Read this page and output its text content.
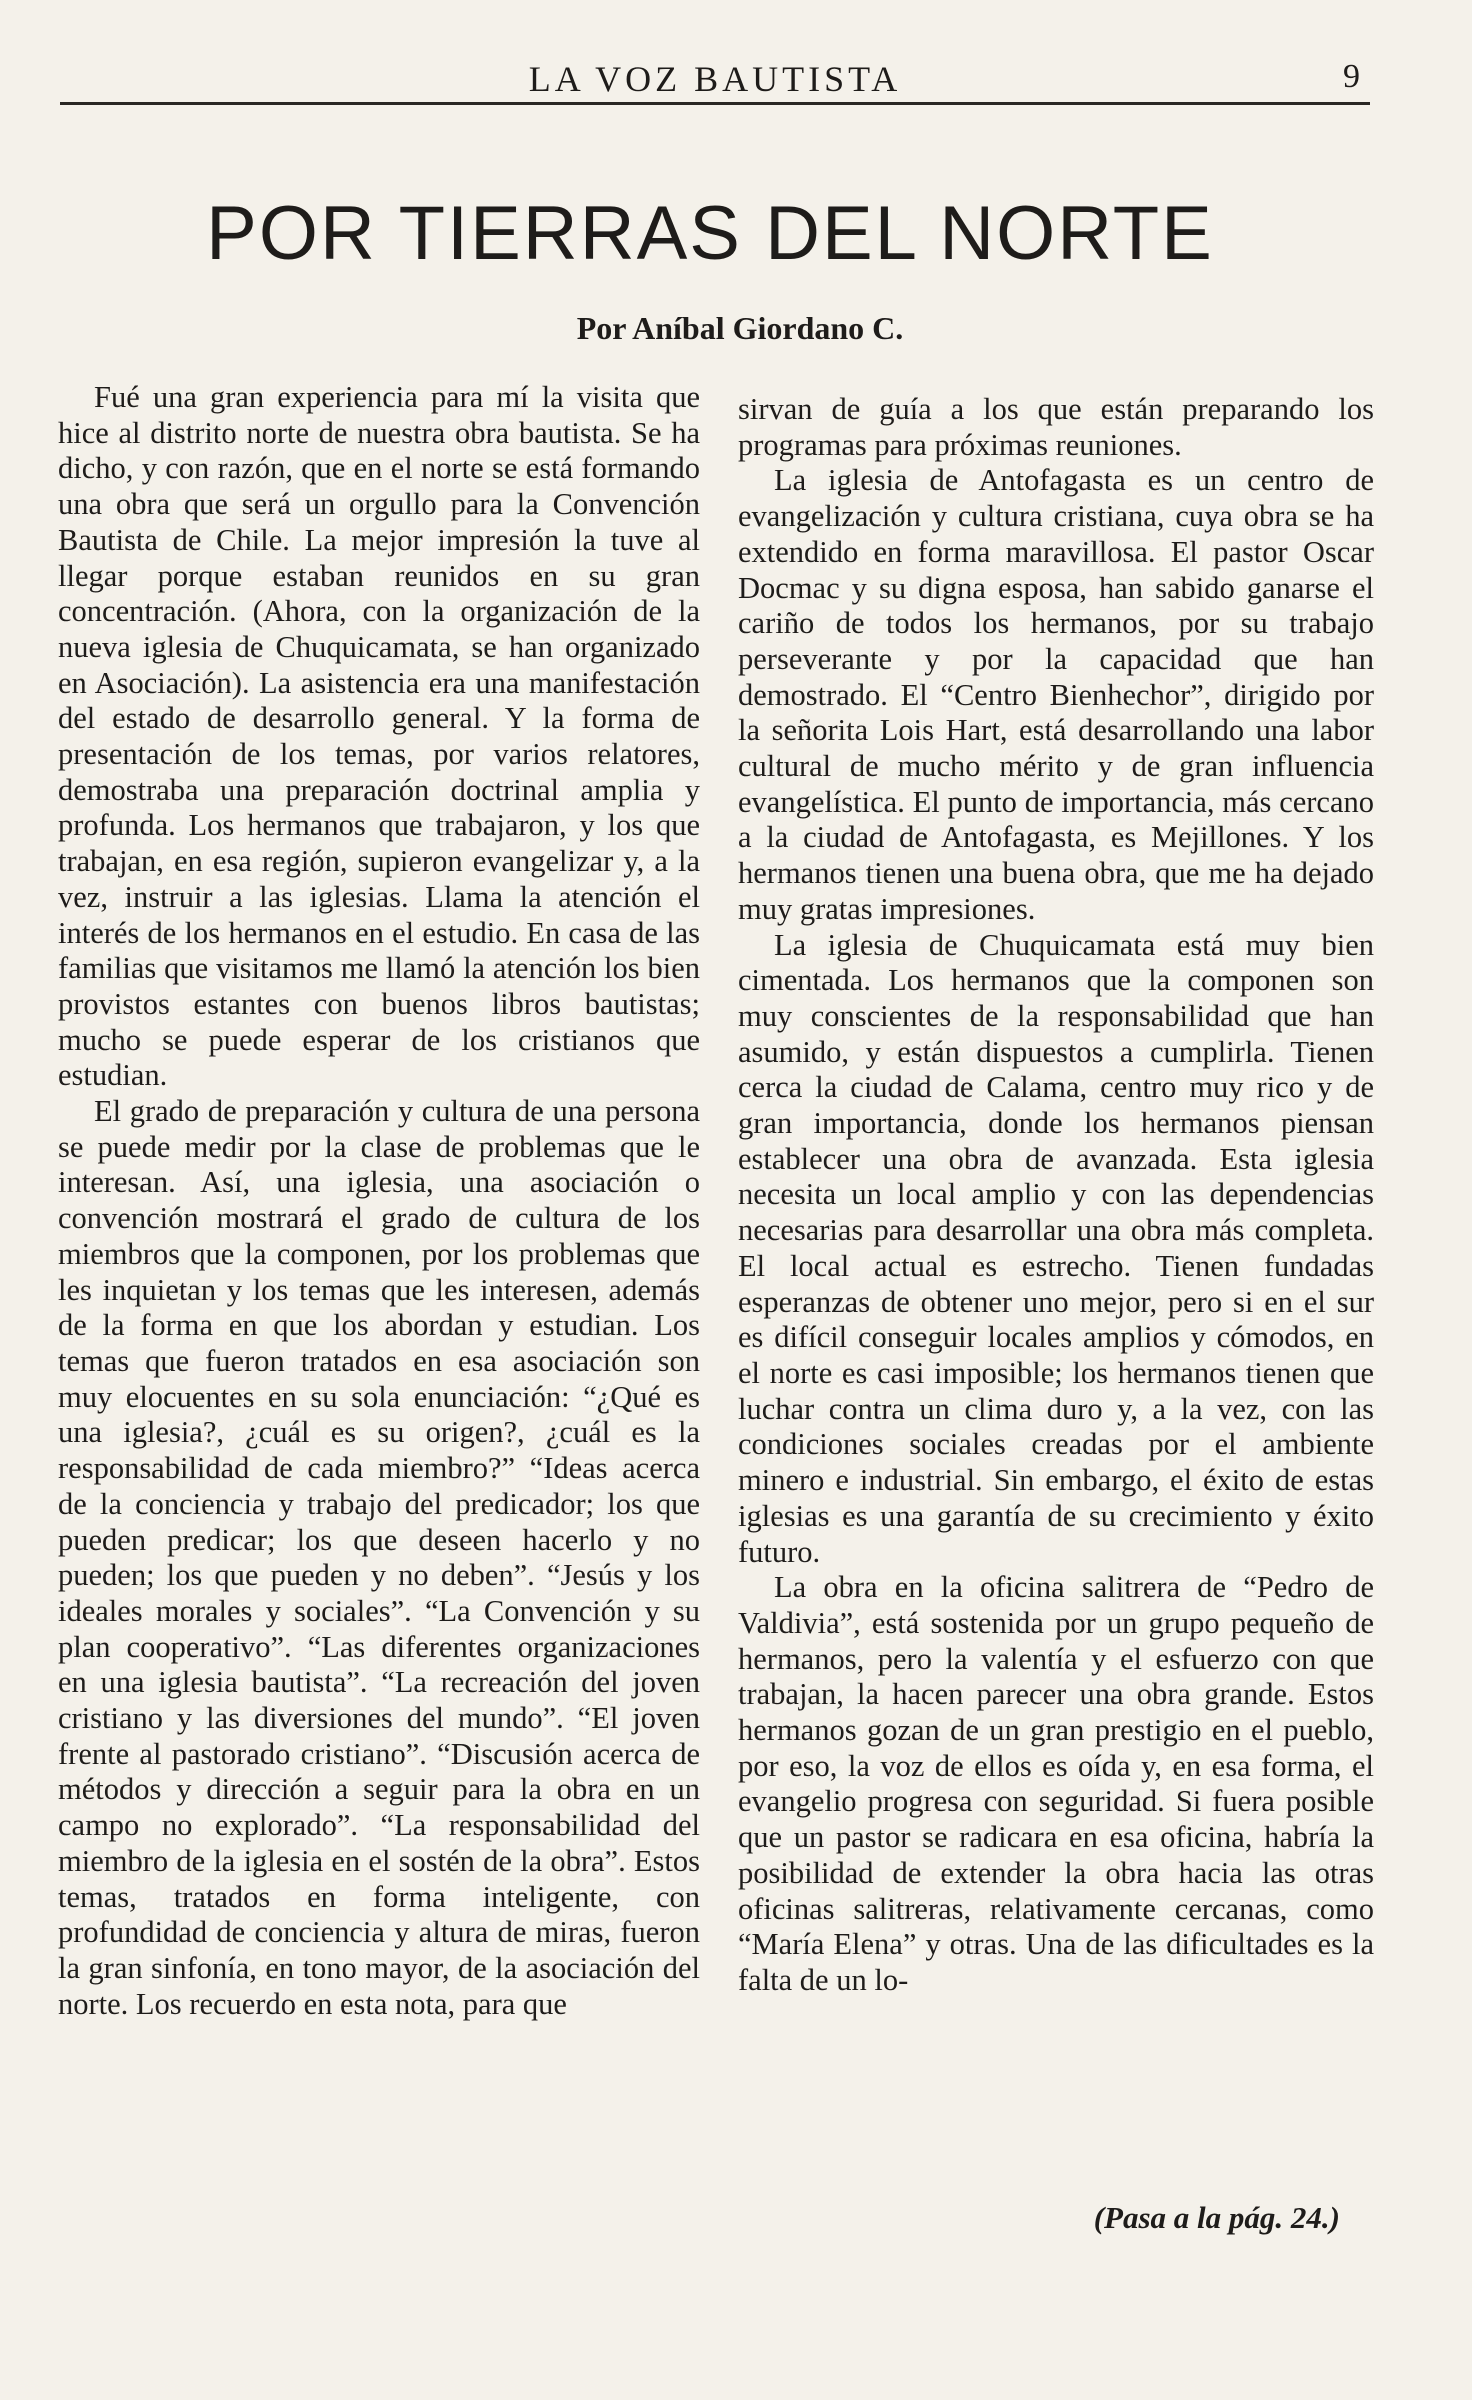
LA VOZ BAUTISTA	9
POR TIERRAS DEL NORTE
Por Aníbal Giordano C.

Fué una gran experiencia para mí la visita que hice al distrito norte de nuestra obra bautista. Se ha dicho, y con razón, que en el norte se está formando una obra que será un orgullo para la Convención Bautista de Chile. La mejor impresión la tuve al llegar porque estaban reunidos en su gran concentración. (Ahora, con la organización de la nueva iglesia de Chuquicamata, se han organizado en Asociación). La asistencia era una manifestación del estado de desarrollo general. Y la forma de presentación de los temas, por varios relatores, demostraba una preparación doctrinal amplia y profunda. Los hermanos que trabajaron, y los que trabajan, en esa región, supieron evangelizar y, a la vez, instruir a las iglesias. Llama la atención el interés de los hermanos en el estudio. En casa de las familias que visitamos me llamó la atención los bien provistos estantes con buenos libros bautistas; mucho se puede esperar de los cristianos que estudian.

El grado de preparación y cultura de una persona se puede medir por la clase de problemas que le interesan. Así, una iglesia, una asociación o convención mostrará el grado de cultura de los miembros que la componen, por los problemas que les inquietan y los temas que les interesen, además de la forma en que los abordan y estudian. Los temas que fueron tratados en esa asociación son muy elocuentes en su sola enunciación: “¿Qué es una iglesia?, ¿cuál es su origen?, ¿cuál es la responsabilidad de cada miembro?” “Ideas acerca de la conciencia y trabajo del predicador; los que pueden predicar; los que deseen hacerlo y no pueden; los que pueden y no deben”. “Jesús y los ideales morales y sociales”. “La Convención y su plan cooperativo”. “Las diferentes organizaciones en una iglesia bautista”. “La recreación del joven cristiano y las diversiones del mundo”. “El joven frente al pastorado cristiano”. “Discusión acerca de métodos y dirección a seguir para la obra en un campo no explorado”. “La responsabilidad del miembro de la iglesia en el sostén de la obra”. Estos temas, tratados en forma inteligente, con profundidad de conciencia y altura de miras, fueron la gran sinfonía, en tono mayor, de la asociación del norte. Los recuerdo en esta nota, para que

sirvan de guía a los que están preparando los programas para próximas reuniones.

La iglesia de Antofagasta es un centro de evangelización y cultura cristiana, cuya obra se ha extendido en forma maravillosa. El pastor Oscar Docmac y su digna esposa, han sabido ganarse el cariño de todos los hermanos, por su trabajo perseverante y por la capacidad que han demostrado. El “Centro Bienhechor”, dirigido por la señorita Lois Hart, está desarrollando una labor cultural de mucho mérito y de gran influencia evangelística. El punto de importancia, más cercano a la ciudad de Antofagasta, es Mejillones. Y los hermanos tienen una buena obra, que me ha dejado muy gratas impresiones.

La iglesia de Chuquicamata está muy bien cimentada. Los hermanos que la componen son muy conscientes de la responsabilidad que han asumido, y están dispuestos a cumplirla. Tienen cerca la ciudad de Calama, centro muy rico y de gran importancia, donde los hermanos piensan establecer una obra de avanzada. Esta iglesia necesita un local amplio y con las dependencias necesarias para desarrollar una obra más completa. El local actual es estrecho. Tienen fundadas esperanzas de obtener uno mejor, pero si en el sur es difícil conseguir locales amplios y cómodos, en el norte es casi imposible; los hermanos tienen que luchar contra un clima duro y, a la vez, con las condiciones sociales creadas por el ambiente minero e industrial. Sin embargo, el éxito de estas iglesias es una garantía de su crecimiento y éxito futuro.

La obra en la oficina salitrera de “Pedro de Valdivia”, está sostenida por un grupo pequeño de hermanos, pero la valentía y el esfuerzo con que trabajan, la hacen parecer una obra grande. Estos hermanos gozan de un gran prestigio en el pueblo, por eso, la voz de ellos es oída y, en esa forma, el evangelio progresa con seguridad. Si fuera posible que un pastor se radicara en esa oficina, habría la posibilidad de extender la obra hacia las otras oficinas salitreras, relativamente cercanas, como “María Elena” y otras. Una de las dificultades es la falta de un lo-

(Pasa a la pág. 24.)
